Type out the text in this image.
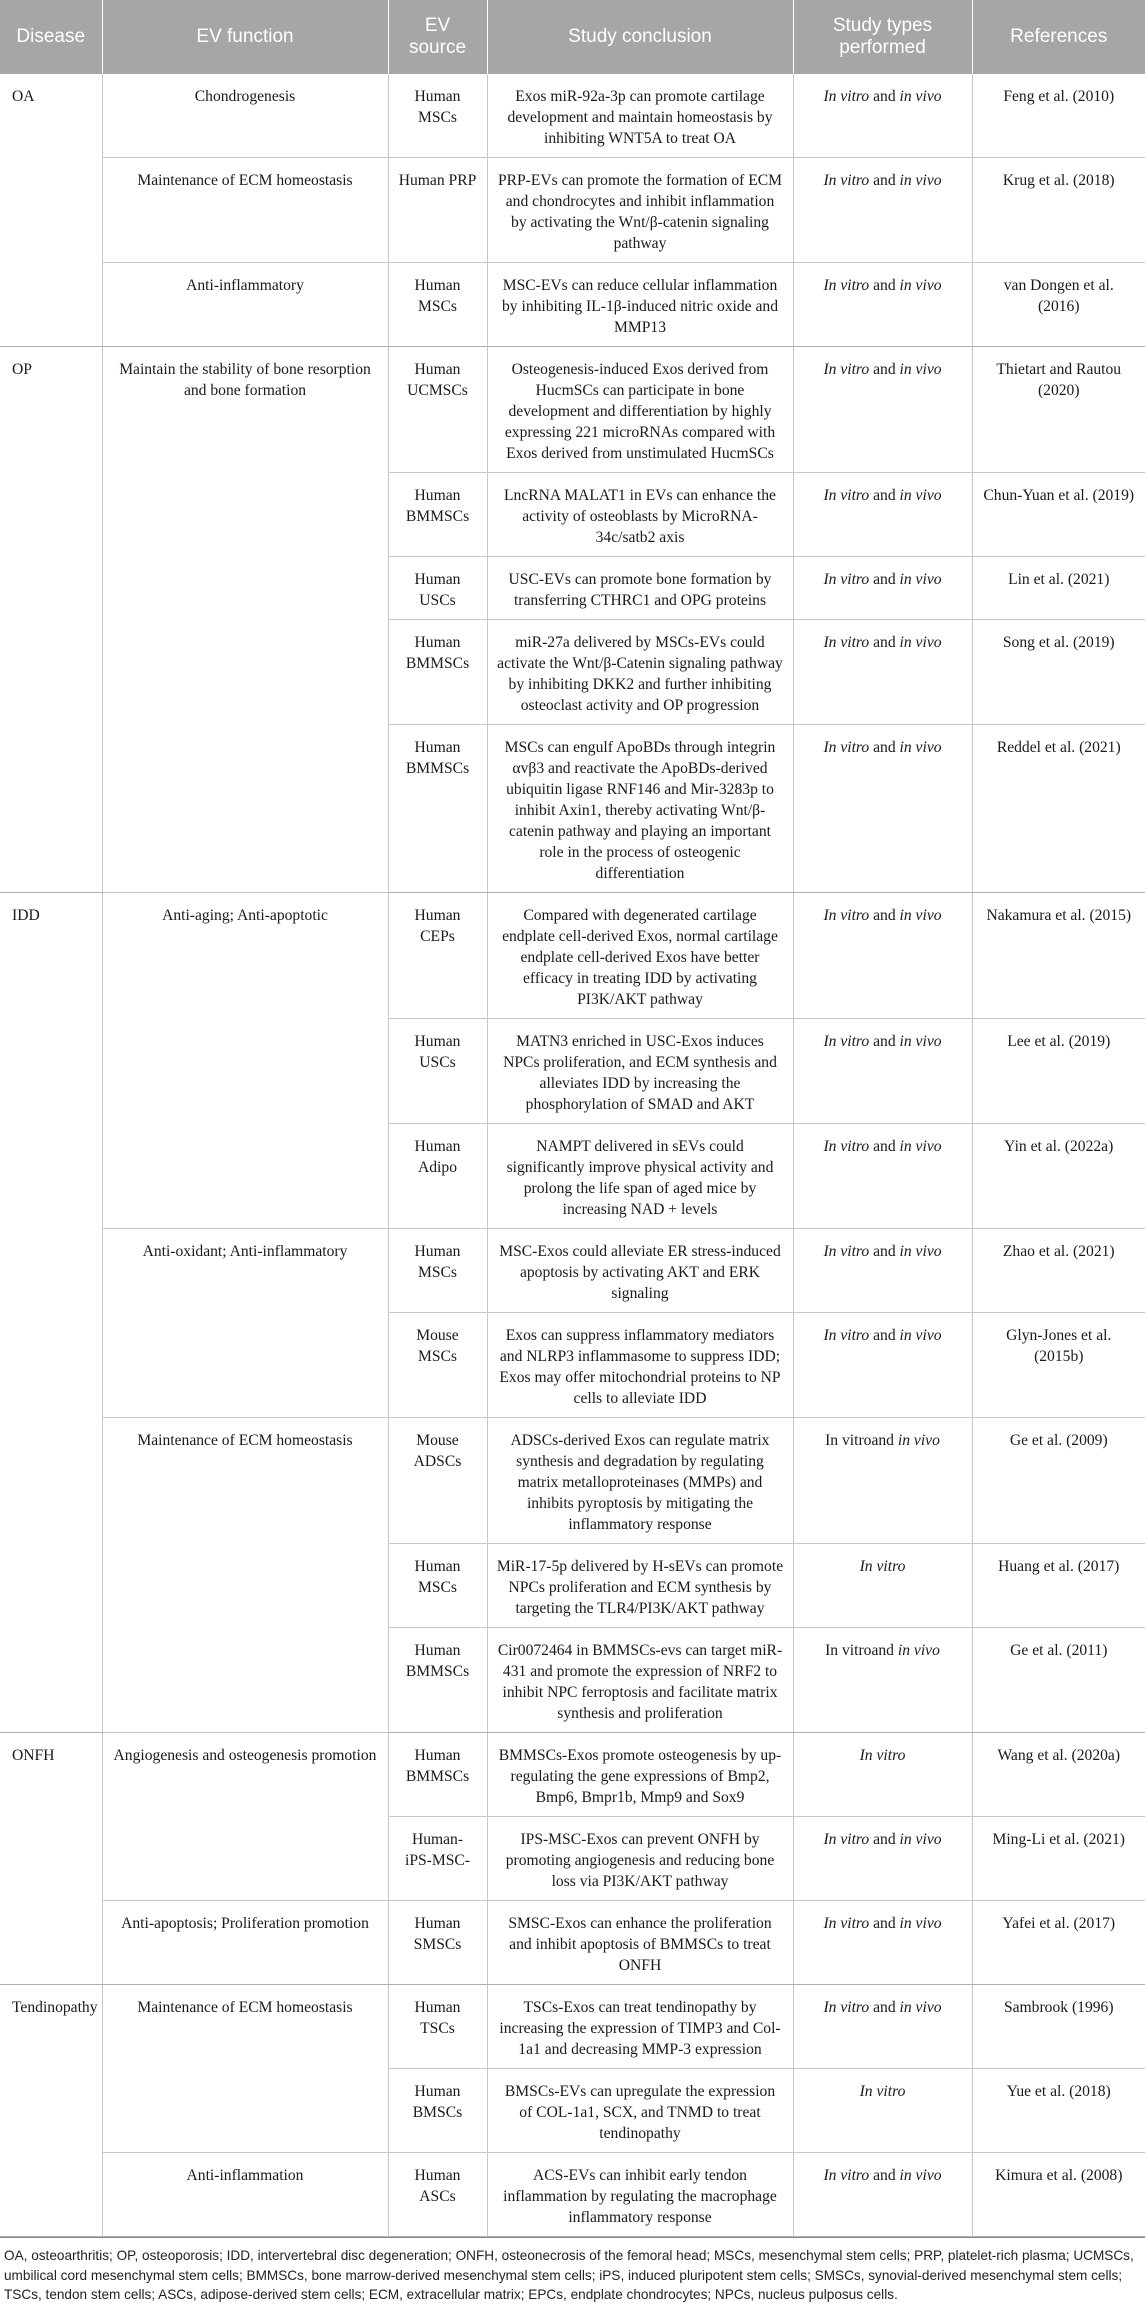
Disease	EV function	EV source	Study conclusion	Study types performed	References
OA	Chondrogenesis	Human MSCs	Exos miR-92a-3p can promote cartilage development and maintain homeostasis by inhibiting WNT5A to treat OA	In vitro and in vivo	Feng et al. (2010)
	Maintenance of ECM homeostasis	Human PRP	PRP-EVs can promote the formation of ECM and chondrocytes and inhibit inflammation by activating the Wnt/β-catenin signaling pathway	In vitro and in vivo	Krug et al. (2018)
	Anti-inflammatory	Human MSCs	MSC-EVs can reduce cellular inflammation by inhibiting IL-1β-induced nitric oxide and MMP13	In vitro and in vivo	van Dongen et al. (2016)
OP	Maintain the stability of bone resorption and bone formation	Human UCMSCs	Osteogenesis-induced Exos derived from HucmSCs can participate in bone development and differentiation by highly expressing 221 microRNAs compared with Exos derived from unstimulated HucmSCs	In vitro and in vivo	Thietart and Rautou (2020)
		Human BMMSCs	LncRNA MALAT1 in EVs can enhance the activity of osteoblasts by MicroRNA-34c/satb2 axis	In vitro and in vivo	Chun-Yuan et al. (2019)
		Human USCs	USC-EVs can promote bone formation by transferring CTHRC1 and OPG proteins	In vitro and in vivo	Lin et al. (2021)
		Human BMMSCs	miR-27a delivered by MSCs-EVs could activate the Wnt/β-Catenin signaling pathway by inhibiting DKK2 and further inhibiting osteoclast activity and OP progression	In vitro and in vivo	Song et al. (2019)
		Human BMMSCs	MSCs can engulf ApoBDs through integrin αvβ3 and reactivate the ApoBDs-derived ubiquitin ligase RNF146 and Mir-3283p to inhibit Axin1, thereby activating Wnt/β-catenin pathway and playing an important role in the process of osteogenic differentiation	In vitro and in vivo	Reddel et al. (2021)
IDD	Anti-aging; Anti-apoptotic	Human CEPs	Compared with degenerated cartilage endplate cell-derived Exos, normal cartilage endplate cell-derived Exos have better efficacy in treating IDD by activating PI3K/AKT pathway	In vitro and in vivo	Nakamura et al. (2015)
		Human USCs	MATN3 enriched in USC-Exos induces NPCs proliferation, and ECM synthesis and alleviates IDD by increasing the phosphorylation of SMAD and AKT	In vitro and in vivo	Lee et al. (2019)
		Human Adipo	NAMPT delivered in sEVs could significantly improve physical activity and prolong the life span of aged mice by increasing NAD + levels	In vitro and in vivo	Yin et al. (2022a)
	Anti-oxidant; Anti-inflammatory	Human MSCs	MSC-Exos could alleviate ER stress-induced apoptosis by activating AKT and ERK signaling	In vitro and in vivo	Zhao et al. (2021)
		Mouse MSCs	Exos can suppress inflammatory mediators and NLRP3 inflammasome to suppress IDD; Exos may offer mitochondrial proteins to NP cells to alleviate IDD	In vitro and in vivo	Glyn-Jones et al. (2015b)
	Maintenance of ECM homeostasis	Mouse ADSCs	ADSCs-derived Exos can regulate matrix synthesis and degradation by regulating matrix metalloproteinases (MMPs) and inhibits pyroptosis by mitigating the inflammatory response	In vitroand in vivo	Ge et al. (2009)
		Human MSCs	MiR-17-5p delivered by H-sEVs can promote NPCs proliferation and ECM synthesis by targeting the TLR4/PI3K/AKT pathway	In vitro	Huang et al. (2017)
		Human BMMSCs	Cir0072464 in BMMSCs-evs can target miR-431 and promote the expression of NRF2 to inhibit NPC ferroptosis and facilitate matrix synthesis and proliferation	In vitroand in vivo	Ge et al. (2011)
ONFH	Angiogenesis and osteogenesis promotion	Human BMMSCs	BMMSCs-Exos promote osteogenesis by up-regulating the gene expressions of Bmp2, Bmp6, Bmpr1b, Mmp9 and Sox9	In vitro	Wang et al. (2020a)
		Human- iPS-MSC-	IPS-MSC-Exos can prevent ONFH by promoting angiogenesis and reducing bone loss via PI3K/AKT pathway	In vitro and in vivo	Ming-Li et al. (2021)
	Anti-apoptosis; Proliferation promotion	Human SMSCs	SMSC-Exos can enhance the proliferation and inhibit apoptosis of BMMSCs to treat ONFH	In vitro and in vivo	Yafei et al. (2017)
Tendinopathy	Maintenance of ECM homeostasis	Human TSCs	TSCs-Exos can treat tendinopathy by increasing the expression of TIMP3 and Col-1a1 and decreasing MMP-3 expression	In vitro and in vivo	Sambrook (1996)
		Human BMSCs	BMSCs-EVs can upregulate the expression of COL-1a1, SCX, and TNMD to treat tendinopathy	In vitro	Yue et al. (2018)
	Anti-inflammation	Human ASCs	ACS-EVs can inhibit early tendon inflammation by regulating the macrophage inflammatory response	In vitro and in vivo	Kimura et al. (2008)
OA, osteoarthritis; OP, osteoporosis; IDD, intervertebral disc degeneration; ONFH, osteonecrosis of the femoral head; MSCs, mesenchymal stem cells; PRP, platelet-rich plasma; UCMSCs, umbilical cord mesenchymal stem cells; BMMSCs, bone marrow-derived mesenchymal stem cells; iPS, induced pluripotent stem cells; SMSCs, synovial-derived mesenchymal stem cells; TSCs, tendon stem cells; ASCs, adipose-derived stem cells; ECM, extracellular matrix; EPCs, endplate chondrocytes; NPCs, nucleus pulposus cells.
